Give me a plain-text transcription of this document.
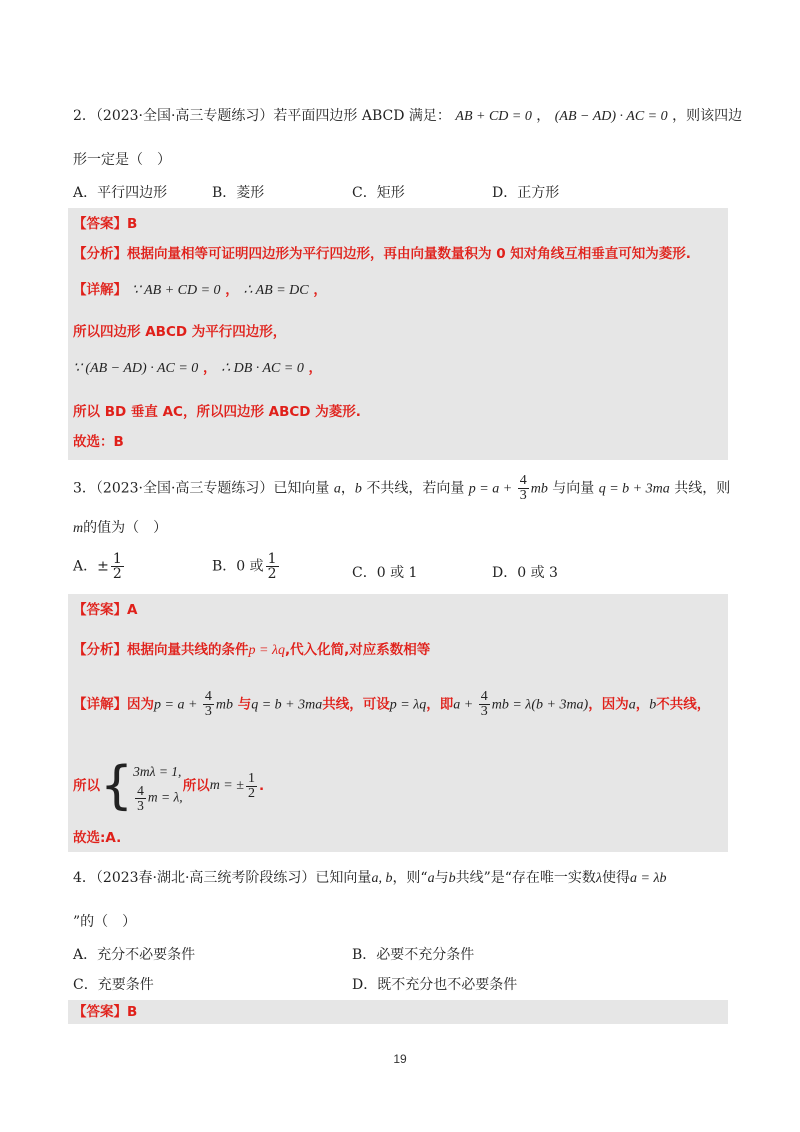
2．（2023·全国·高三专题练习）若平面四边形 ABCD 满足： AB + CD = 0 ， (AB − AD) · AC = 0 ，则该四边
形一定是（　）
A．平行四边形	B．菱形	C．矩形	D．正方形
【答案】B
【分析】根据向量相等可证明四边形为平行四边形，再由向量数量积为 0 知对角线互相垂直可知为菱形.
【详解】 ∵ AB + CD = 0 ， ∴ AB = DC ，
所以四边形 ABCD 为平行四边形，
∵ (AB − AD) · AC = 0 ， ∴ DB · AC = 0 ，
所以 BD 垂直 AC，所以四边形 ABCD 为菱形.
故选：B
3．（2023·全国·高三专题练习）已知向量 a，b 不共线，若向量 $p = a + \frac{4}{3}$ mb 与向量 q = b + 3ma 共线，则
m的值为（　）
A．± $\frac{1}{2}$	B．0 或 $\frac{1}{2}$	C．0 或 1	D．0 或 3
【答案】A
【分析】根据向量共线的条件p = λq,代入化简,对应系数相等
【详解】因为$p = a + \frac{4}{3}$ mb 与q = b + 3ma共线，可设p = λq，即$a + \frac{4}{3}$ mb = λ(b + 3ma)，因为a，b不共线，
所以{ 3mλ = 1,
$\frac{4}{3}$ m = λ,
所以m = ± $\frac{1}{2}$ .
故选:A.
4．（2023春·湖北·高三统考阶段练习）已知向量a, b，则“a与b共线”是“存在唯一实数λ使得a = λb
”的（　）
A．充分不必要条件	B．必要不充分条件
C．充要条件	D．既不充分也不必要条件
【答案】B
19
